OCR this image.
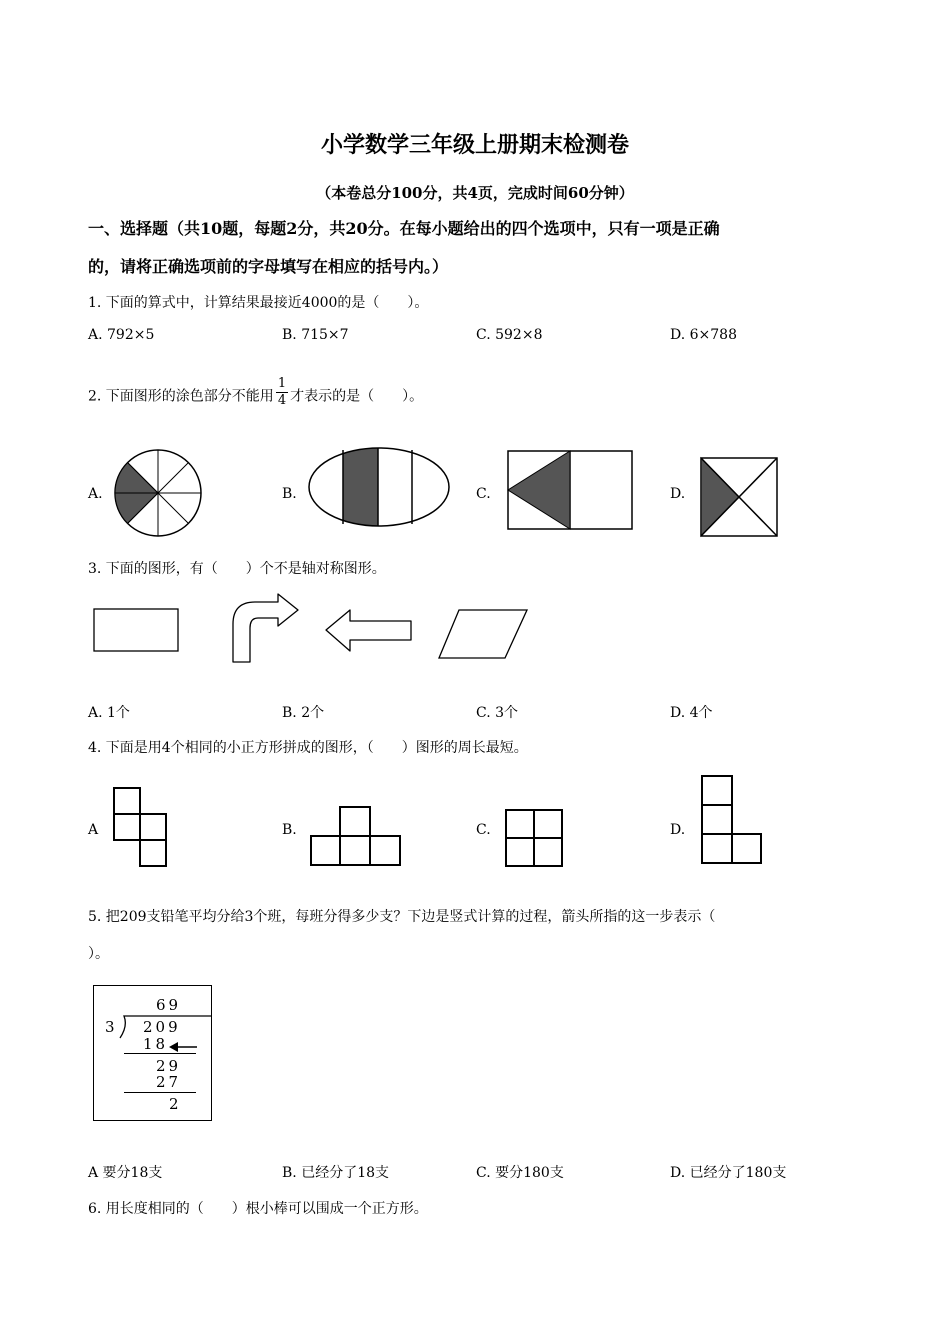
小学数学三年级上册期末检测卷
（本卷总分100分，共4页，完成时间60分钟）
一、选择题（共10题，每题2分，共20分。在每小题给出的四个选项中，只有一项是正确
的，请将正确选项前的字母填写在相应的括号内。）
1. 下面的算式中，计算结果最接近4000的是（　　）。
A. 792×5	B. 715×7	C. 592×8	D. 6×788
2. 下面图形的涂色部分不能用 $\frac{1}{4}$ 才表示的是（　　）。
A.	B.	C.	D.
3. 下面的图形，有（　　）个不是轴对称图形。
A. 1个	B. 2个	C. 3个	D. 4个
4. 下面是用4个相同的小正方形拼成的图形，（　　）图形的周长最短。
A	B.	C.	D.
5. 把209支铅笔平均分给3个班，每班分得多少支？下边是竖式计算的过程，箭头所指的这一步表示（
）。
69
3 209
18
29
27
2
A 要分18支	B. 已经分了18支	C. 要分180支	D. 已经分了180支
6. 用长度相同的（　　）根小棒可以围成一个正方形。
